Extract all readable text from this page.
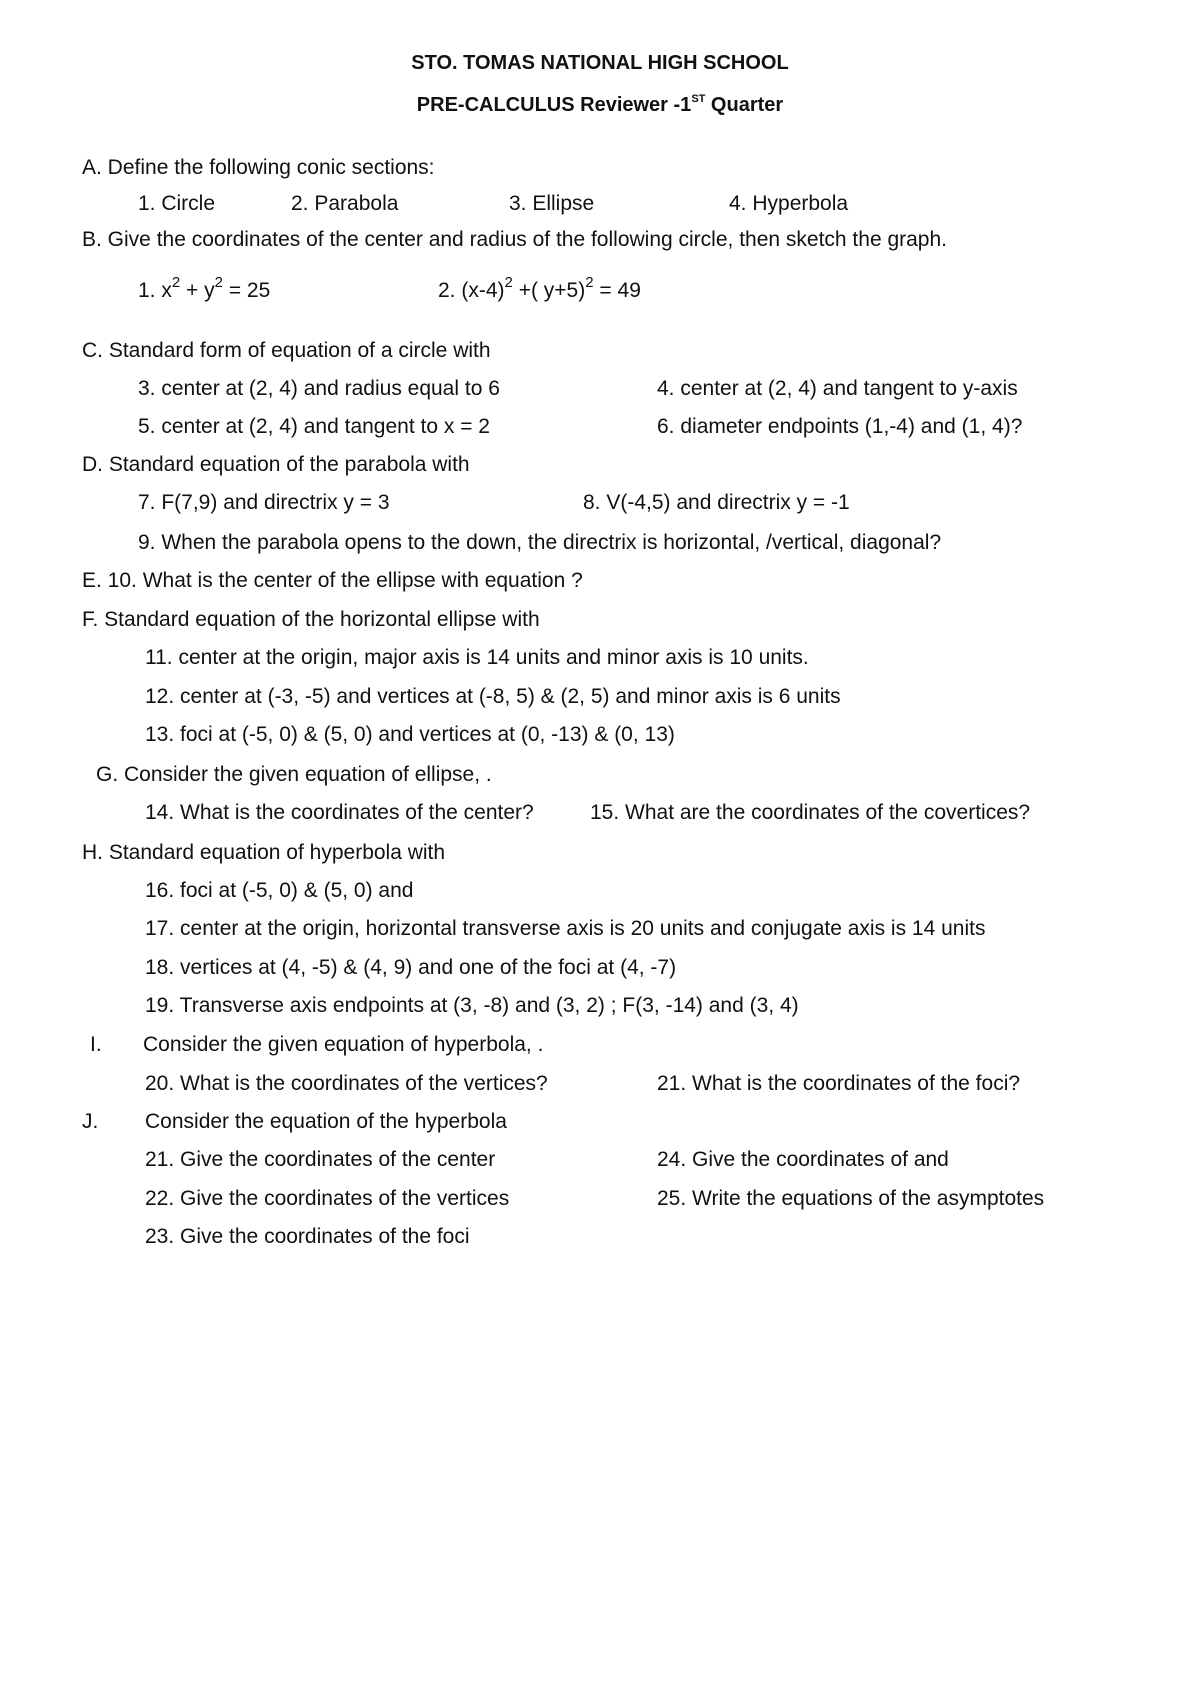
STO. TOMAS NATIONAL HIGH SCHOOL
PRE-CALCULUS Reviewer -1ST Quarter
A. Define the following conic sections:
1. Circle	2. Parabola	3. Ellipse	4. Hyperbola
B. Give the coordinates of the center and radius of the following circle, then sketch the graph.
1. $x^2 + y^2 = 25$	2. $(x-4)^2$ +( y+5)$^2$ = 49
C. Standard form of equation of a circle with
3. center at (2, 4) and radius equal to 6	4. center at (2, 4) and tangent to y-axis
5. center at (2, 4) and tangent to x = 2	6. diameter endpoints (1,-4) and (1, 4)?
D. Standard equation of the parabola with
7. F(7,9) and directrix y = 3	8. V(-4,5) and directrix y = -1
9. When the parabola opens to the down, the directrix is horizontal, /vertical, diagonal?
E. 10. What is the center of the ellipse with equation ?
F. Standard equation of the horizontal ellipse with
11. center at the origin, major axis is 14 units and minor axis is 10 units.
12. center at (-3, -5) and vertices at (-8, 5) & (2, 5) and minor axis is 6 units
13. foci at (-5, 0) & (5, 0) and vertices at (0, -13) & (0, 13)
G. Consider the given equation of ellipse, .
14. What is the coordinates of the center?	15. What are the coordinates of the covertices?
H. Standard equation of hyperbola with
16. foci at (-5, 0) & (5, 0) and
17. center at the origin, horizontal transverse axis is 20 units and conjugate axis is 14 units
18. vertices at (4, -5) & (4, 9) and one of the foci at (4, -7)
19. Transverse axis endpoints at (3, -8) and (3, 2) ; F(3, -14) and (3, 4)
I. Consider the given equation of hyperbola, .
20. What is the coordinates of the vertices?	21. What is the coordinates of the foci?
J. Consider the equation of the hyperbola
21. Give the coordinates of the center	24. Give the coordinates of and
22. Give the coordinates of the vertices	25. Write the equations of the asymptotes
23. Give the coordinates of the foci
